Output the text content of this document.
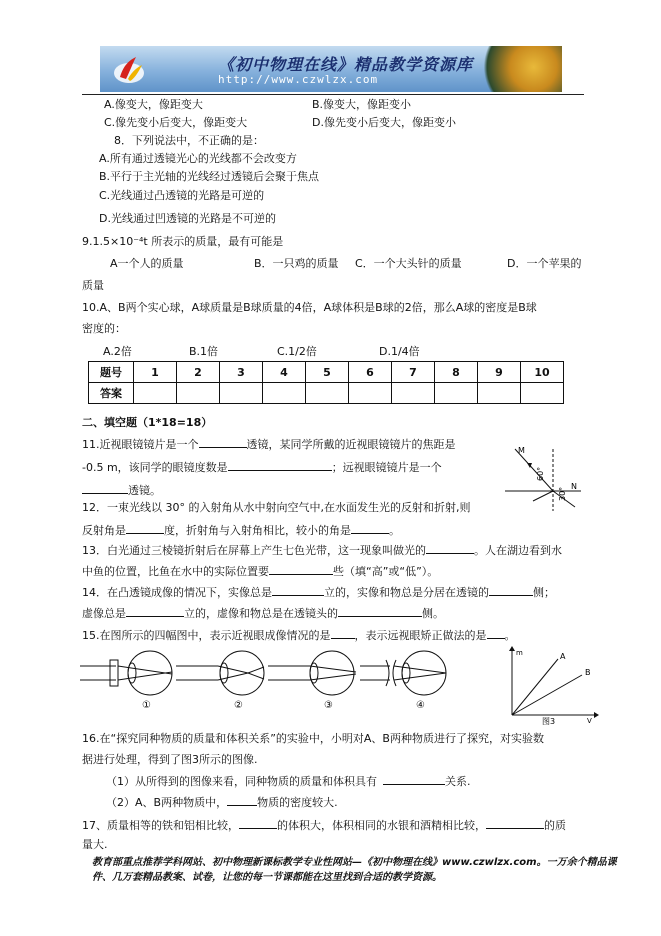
《初中物理在线》精品教学资源库
http://www.czwlzx.com
A.像变大，像距变大	B.像变大，像距变小
C.像先变小后变大，像距变大	D.像先变小后变大，像距变小
8．下列说法中，不正确的是：
A.所有通过透镜光心的光线都不会改变方
B.平行于主光轴的光线经过透镜后会聚于焦点
C.光线通过凸透镜的光路是可逆的
D.光线通过凹透镜的光路是不可逆的
9.1.5×10⁻⁴t 所表示的质量，最有可能是
A一个人的质量	B．一只鸡的质量 C．一个大头针的质量	D．一个苹果的
质量
10.A、B两个实心球，A球质量是B球质量的4倍，A球体积是B球的2倍，那么A球的密度是B球
密度的：
A.2倍	B.1倍	C.1/2倍	D.1/4倍
题号	1	2	3	4	5	6	7	8	9	10
答案										
二、填空题（1*18=18）
11.近视眼镜镜片是一个	透镜，某同学所戴的近视眼镜镜片的焦距是
-0.5 m，该同学的眼镜度数是	；远视眼镜镜片是一个
透镜。
60°
30°
M
N
12．一束光线以 30° 的入射角从水中射向空气中,在水面发生光的反射和折射,则
反射角是	度，折射角与入射角相比，较小的角是	。
13．白光通过三棱镜折射后在屏幕上产生七色光带，这一现象叫做光的	。人在湖边看到水
中鱼的位置，比鱼在水中的实际位置要	些（填“高”或“低”）。
14．在凸透镜成像的情况下，实像总是	立的，实像和物总是分居在透镜的	侧；
虚像总是	立的，虚像和物总是在透镜头的	侧。
15.在图所示的四幅图中，表示近视眼成像情况的是 ，表示远视眼矫正做法的是 。
①	②	③	④
m
V
A
B
图3
16.在“探究同种物质的质量和体积关系”的实验中，小明对A、B两种物质进行了探究，对实验数
据进行处理，得到了图3所示的图像.
（1）从所得到的图像来看，同种物质的质量和体积具有	关系.
（2）A、B两种物质中，	物质的密度较大.
17、质量相等的铁和铝相比较，	的体积大，体积相同的水银和酒精相比较，	的质
量大.
教育部重点推荐学科网站、初中物理新课标教学专业性网站—《初中物理在线》www.czwlzx.com。一万余个精品课
件、几万套精品教案、试卷，让您的每一节课都能在这里找到合适的教学资源。
